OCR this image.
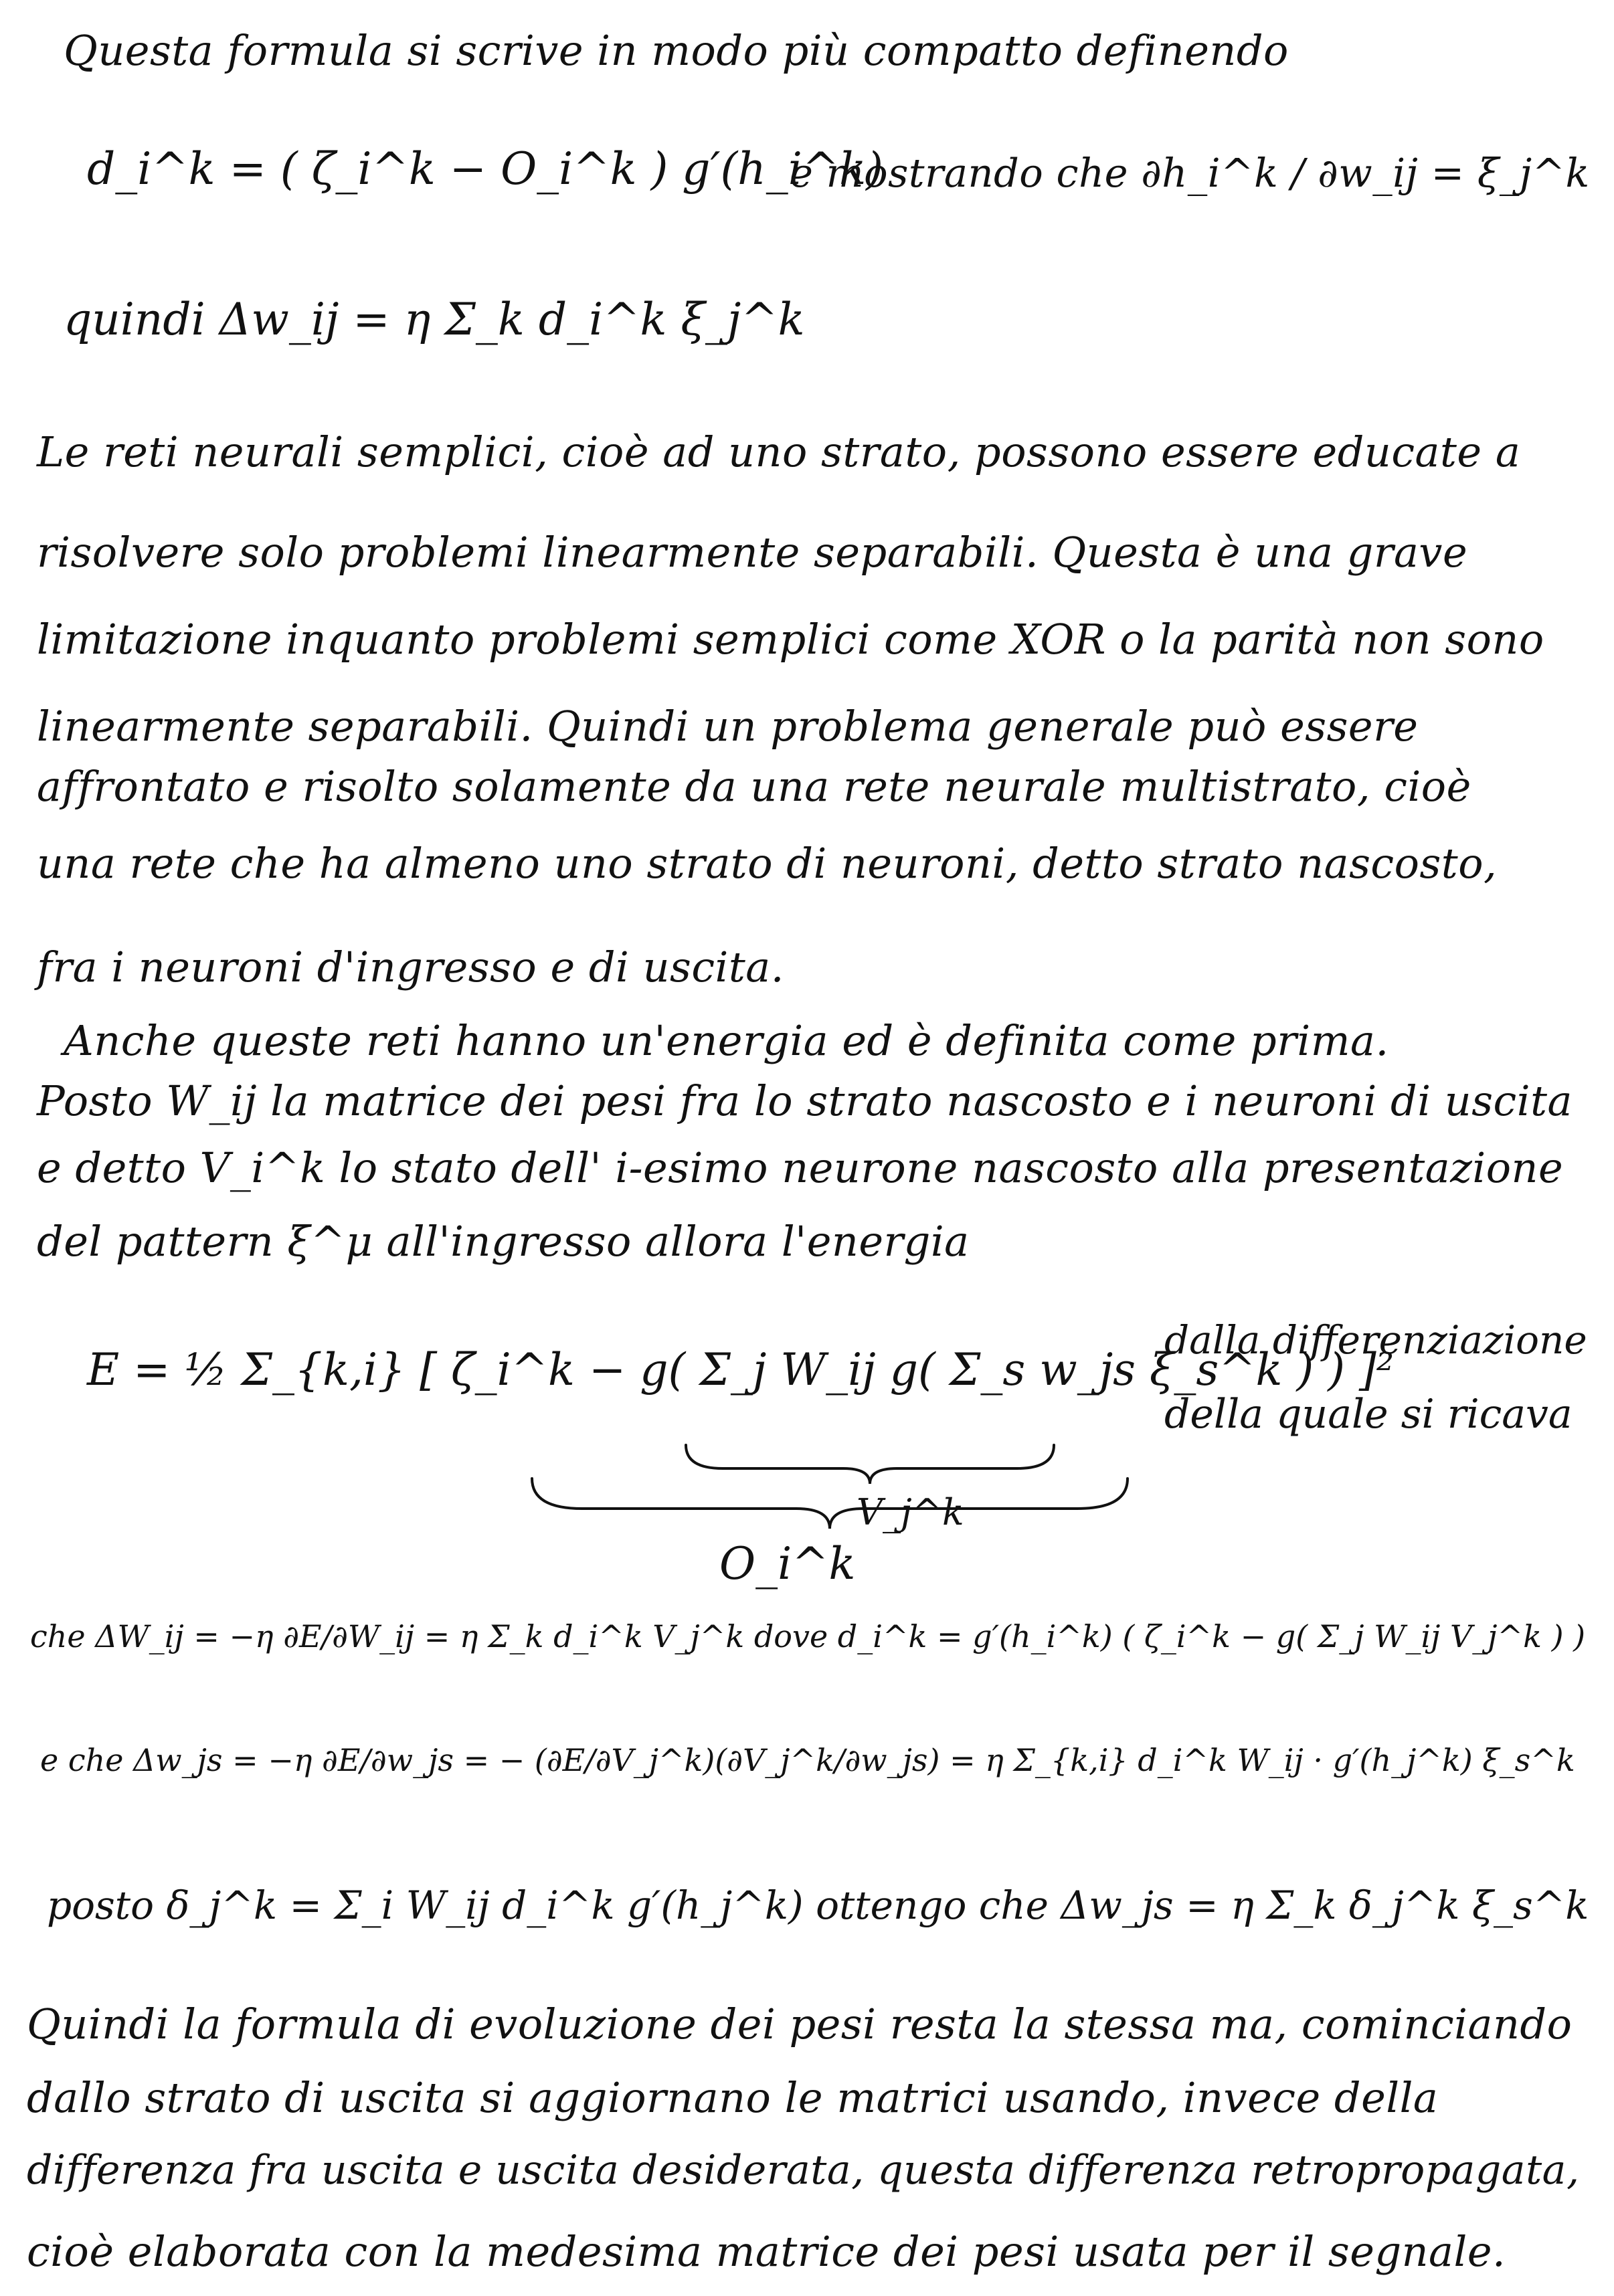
Questa formula si scrive in modo più compatto definendo
d_i^k = ( ζ_i^k − O_i^k ) g′(h_i^k)
e mostrando che ∂h_i^k / ∂w_ij = ξ_j^k
quindi Δw_ij = η Σ_k d_i^k ξ_j^k
Le reti neurali semplici, cioè ad uno strato, possono essere educate a
risolvere solo problemi linearmente separabili. Questa è una grave
limitazione inquanto problemi semplici come XOR o la parità non sono
linearmente separabili. Quindi un problema generale può essere
affrontato e risolto solamente da una rete neurale multistrato, cioè
una rete che ha almeno uno strato di neuroni, detto strato nascosto,
fra i neuroni d'ingresso e di uscita.
Anche queste reti hanno un'energia ed è definita come prima.
Posto W_ij la matrice dei pesi fra lo strato nascosto e i neuroni di uscita
e detto V_i^k lo stato dell' i-esimo neurone nascosto alla presentazione
del pattern ξ^μ all'ingresso allora l'energia
E = ½ Σ_{k,i} [ ζ_i^k − g( Σ_j W_ij g( Σ_s w_js ξ_s^k ) ) ]²
dalla differenziazione
della quale si ricava
V_j^k
O_i^k
che ΔW_ij = −η ∂E/∂W_ij = η Σ_k d_i^k V_j^k dove d_i^k = g′(h_i^k) ( ζ_i^k − g( Σ_j W_ij V_j^k ) )
e che Δw_js = −η ∂E/∂w_js = − (∂E/∂V_j^k)(∂V_j^k/∂w_js) = η Σ_{k,i} d_i^k W_ij · g′(h_j^k) ξ_s^k
posto δ_j^k = Σ_i W_ij d_i^k g′(h_j^k) ottengo che Δw_js = η Σ_k δ_j^k ξ_s^k
Quindi la formula di evoluzione dei pesi resta la stessa ma, cominciando
dallo strato di uscita si aggiornano le matrici usando, invece della
differenza fra uscita e uscita desiderata, questa differenza retropropagata,
cioè elaborata con la medesima matrice dei pesi usata per il segnale.
